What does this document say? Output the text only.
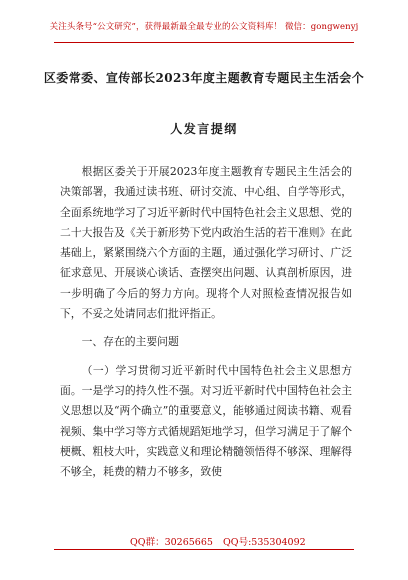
关注头条号“公文研究”，获得最新最全最专业的公文资料库！ 微信：gongwenyj
区委常委、宣传部长2023年度主题教育专题民主生活会个
人发言提纲

根据区委关于开展2023年度主题教育专题民主生活会的决策部署，我通过读书班、研讨交流、中心组、自学等形式，全面系统地学习了习近平新时代中国特色社会主义思想、党的二十大报告及《关于新形势下党内政治生活的若干准则》在此基础上，紧紧围绕六个方面的主题，通过强化学习研讨、广泛征求意见、开展谈心谈话、查摆突出问题、认真剖析原因，进一步明确了今后的努力方向。现将个人对照检查情况报告如下，不妥之处请同志们批评指正。

一、存在的主要问题

（一）学习贯彻习近平新时代中国特色社会主义思想方面。一是学习的持久性不强。对习近平新时代中国特色社会主义思想以及“两个确立”的重要意义，能够通过阅读书籍、观看视频、集中学习等方式循规蹈矩地学习，但学习满足于了解个梗概、粗枝大叶，实践意义和理论精髓领悟得不够深、理解得不够全，耗费的精力不够多，致使

QQ群：30265665 QQ号:535304092
